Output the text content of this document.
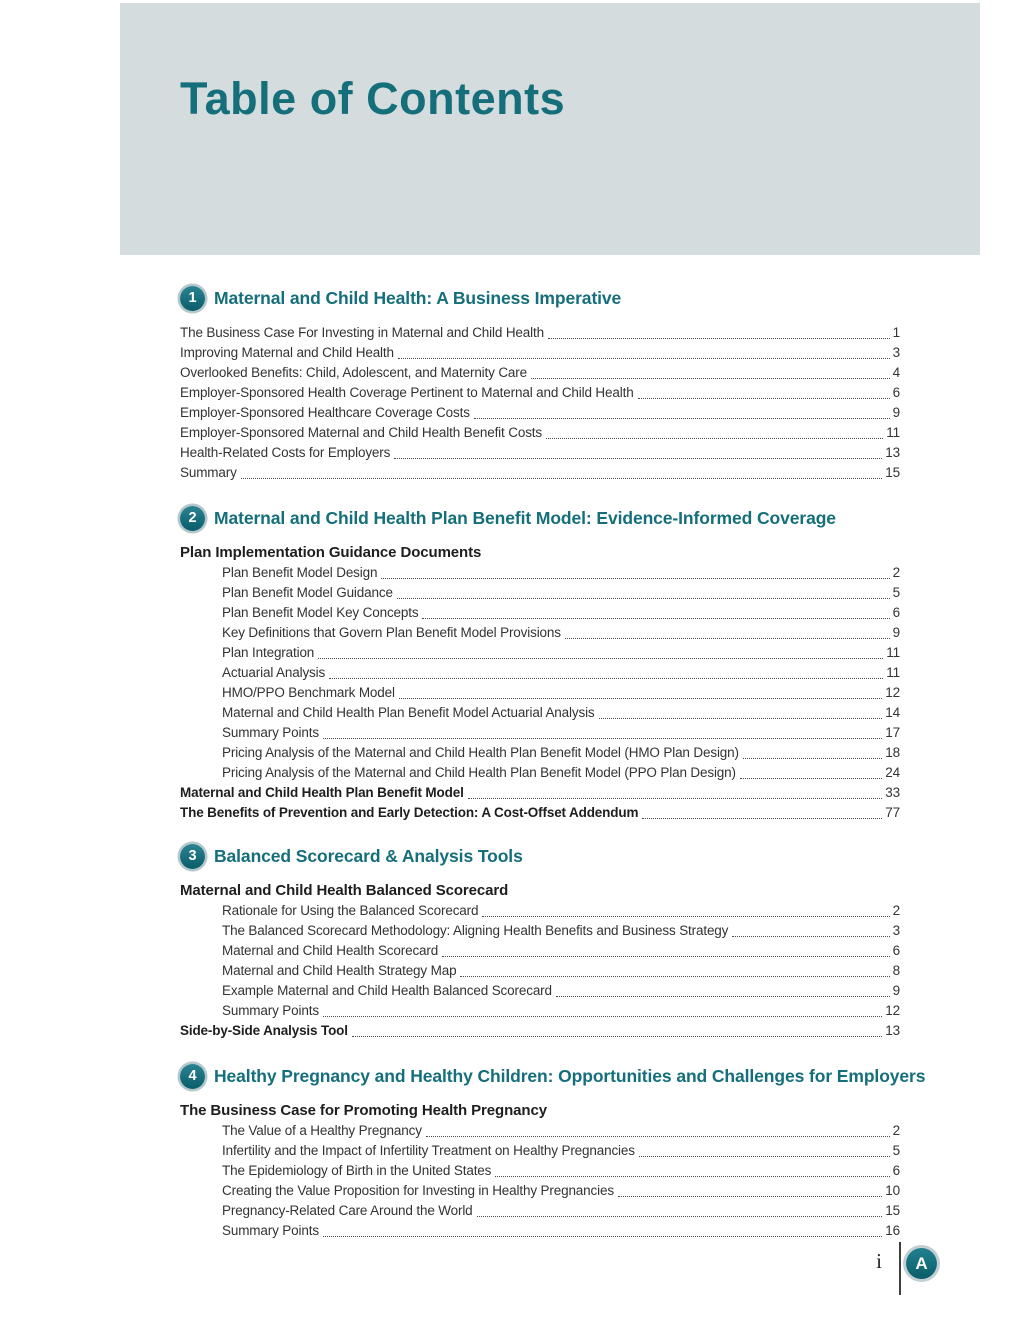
Table of Contents
1 Maternal and Child Health: A Business Imperative
The Business Case For Investing in Maternal and Child Health	1
Improving Maternal and Child Health	3
Overlooked Benefits: Child, Adolescent, and Maternity Care	4
Employer-Sponsored Health Coverage Pertinent to Maternal and Child Health	6
Employer-Sponsored Healthcare Coverage Costs	9
Employer-Sponsored Maternal and Child Health Benefit Costs	11
Health-Related Costs for Employers	13
Summary	15
2 Maternal and Child Health Plan Benefit Model: Evidence-Informed Coverage
Plan Implementation Guidance Documents
Plan Benefit Model Design	2
Plan Benefit Model Guidance	5
Plan Benefit Model Key Concepts	6
Key Definitions that Govern Plan Benefit Model Provisions	9
Plan Integration	11
Actuarial Analysis	11
HMO/PPO Benchmark Model	12
Maternal and Child Health Plan Benefit Model Actuarial Analysis	14
Summary Points	17
Pricing Analysis of the Maternal and Child Health Plan Benefit Model (HMO Plan Design)	18
Pricing Analysis of the Maternal and Child Health Plan Benefit Model (PPO Plan Design)	24
Maternal and Child Health Plan Benefit Model	33
The Benefits of Prevention and Early Detection: A Cost-Offset Addendum	77
3 Balanced Scorecard & Analysis Tools
Maternal and Child Health Balanced Scorecard
Rationale for Using the Balanced Scorecard	2
The Balanced Scorecard Methodology: Aligning Health Benefits and Business Strategy	3
Maternal and Child Health Scorecard	6
Maternal and Child Health Strategy Map	8
Example Maternal and Child Health Balanced Scorecard	9
Summary Points	12
Side-by-Side Analysis Tool	13
4 Healthy Pregnancy and Healthy Children: Opportunities and Challenges for Employers
The Business Case for Promoting Health Pregnancy
The Value of a Healthy Pregnancy	2
Infertility and the Impact of Infertility Treatment on Healthy Pregnancies	5
The Epidemiology of Birth in the United States	6
Creating the Value Proposition for Investing in Healthy Pregnancies	10
Pregnancy-Related Care Around the World	15
Summary Points	16
i	A
